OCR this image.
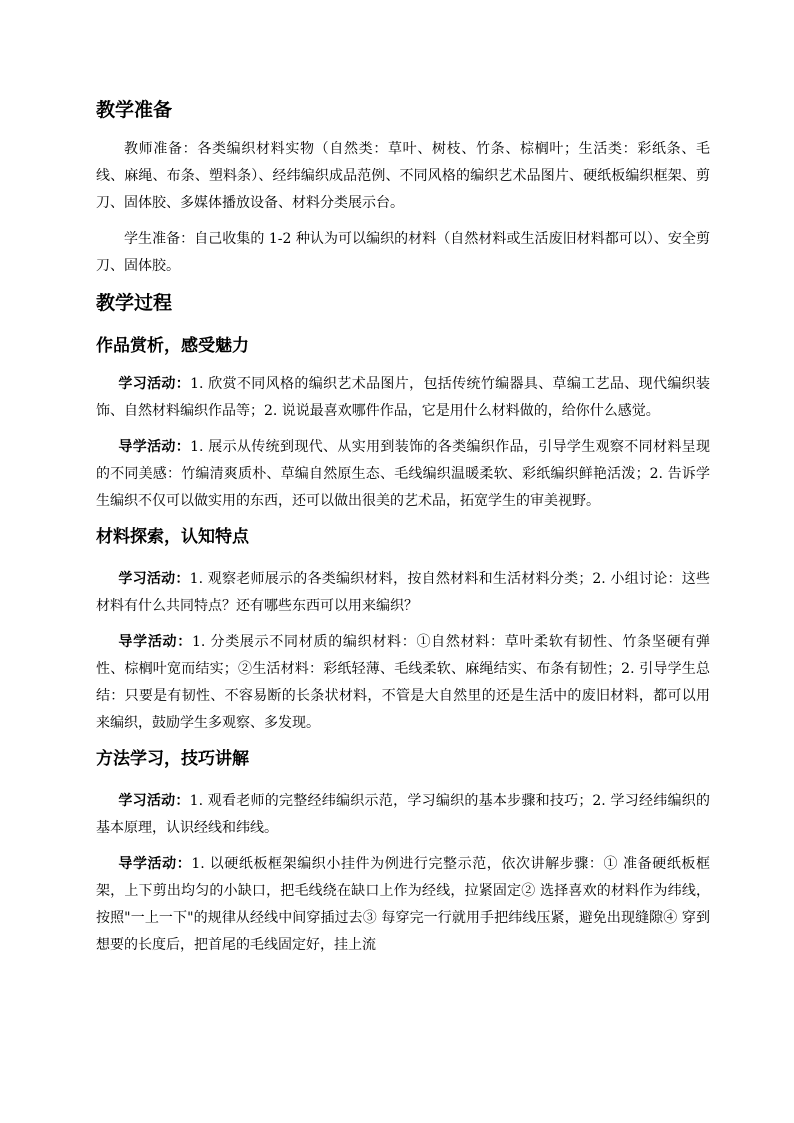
教学准备

教师准备：各类编织材料实物（自然类：草叶、树枝、竹条、棕榈叶；生活类：彩纸条、毛线、麻绳、布条、塑料条）、经纬编织成品范例、不同风格的编织艺术品图片、硬纸板编织框架、剪刀、固体胶、多媒体播放设备、材料分类展示台。

学生准备：自己收集的 1-2 种认为可以编织的材料（自然材料或生活废旧材料都可以）、安全剪刀、固体胶。

教学过程
作品赏析，感受魅力

学习活动：1. 欣赏不同风格的编织艺术品图片，包括传统竹编器具、草编工艺品、现代编织装饰、自然材料编织作品等；2. 说说最喜欢哪件作品，它是用什么材料做的，给你什么感觉。

导学活动：1. 展示从传统到现代、从实用到装饰的各类编织作品，引导学生观察不同材料呈现的不同美感：竹编清爽质朴、草编自然原生态、毛线编织温暖柔软、彩纸编织鲜艳活泼；2. 告诉学生编织不仅可以做实用的东西，还可以做出很美的艺术品，拓宽学生的审美视野。

材料探索，认知特点

学习活动：1. 观察老师展示的各类编织材料，按自然材料和生活材料分类；2. 小组讨论：这些材料有什么共同特点？还有哪些东西可以用来编织？

导学活动：1. 分类展示不同材质的编织材料：①自然材料：草叶柔软有韧性、竹条坚硬有弹性、棕榈叶宽而结实；②生活材料：彩纸轻薄、毛线柔软、麻绳结实、布条有韧性；2. 引导学生总结：只要是有韧性、不容易断的长条状材料，不管是大自然里的还是生活中的废旧材料，都可以用来编织，鼓励学生多观察、多发现。

方法学习，技巧讲解

学习活动：1. 观看老师的完整经纬编织示范，学习编织的基本步骤和技巧；2. 学习经纬编织的基本原理，认识经线和纬线。

导学活动：1. 以硬纸板框架编织小挂件为例进行完整示范，依次讲解步骤：① 准备硬纸板框架，上下剪出均匀的小缺口，把毛线绕在缺口上作为经线，拉紧固定② 选择喜欢的材料作为纬线，按照"一上一下"的规律从经线中间穿插过去③ 每穿完一行就用手把纬线压紧，避免出现缝隙④ 穿到想要的长度后，把首尾的毛线固定好，挂上流
